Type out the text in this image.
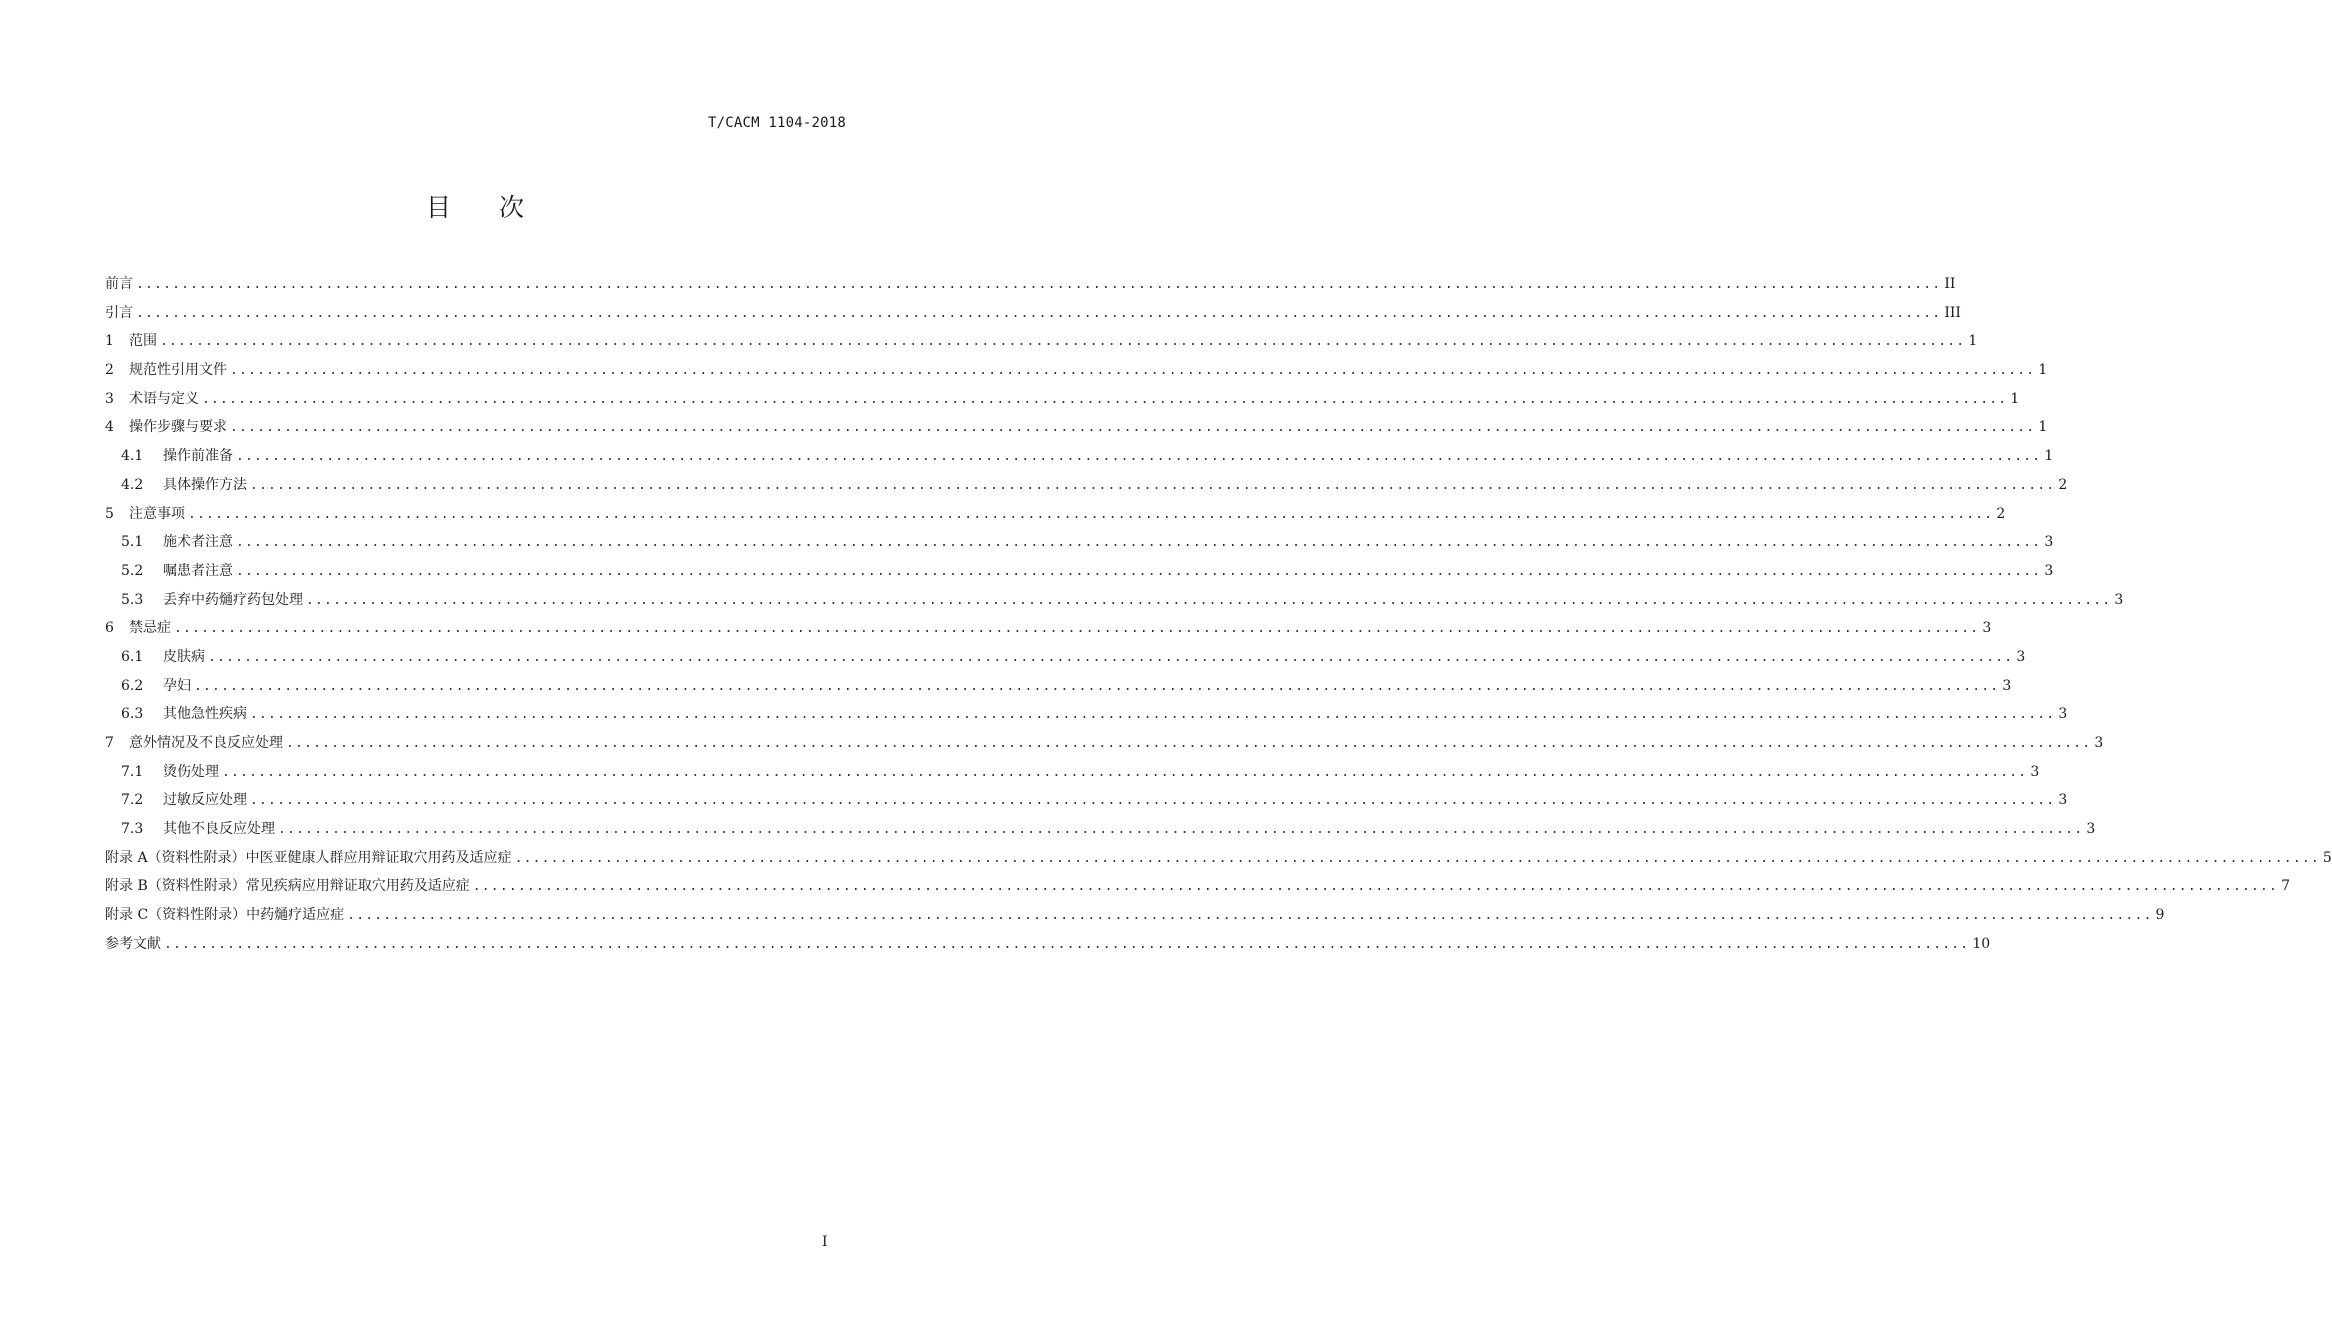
T/CACM 1104-2018
目 次
前言 ........................................................................................................................................................................................................ II
引言 ........................................................................................................................................................................................................ III
1	范围 ........................................................................................................................................................................................................ 1
2	规范性引用文件 ........................................................................................................................................................................................................ 1
3	术语与定义 ........................................................................................................................................................................................................ 1
4	操作步骤与要求 ........................................................................................................................................................................................................ 1
4.1	操作前准备 ........................................................................................................................................................................................................ 1
4.2	具体操作方法 ........................................................................................................................................................................................................ 2
5	注意事项 ........................................................................................................................................................................................................ 2
5.1	施术者注意 ........................................................................................................................................................................................................ 3
5.2	嘱患者注意 ........................................................................................................................................................................................................ 3
5.3	丢弃中药熥疗药包处理 ........................................................................................................................................................................................................ 3
6	禁忌症 ........................................................................................................................................................................................................ 3
6.1	皮肤病 ........................................................................................................................................................................................................ 3
6.2	孕妇 ........................................................................................................................................................................................................ 3
6.3	其他急性疾病 ........................................................................................................................................................................................................ 3
7	意外情况及不良反应处理 ........................................................................................................................................................................................................ 3
7.1	烫伤处理 ........................................................................................................................................................................................................ 3
7.2	过敏反应处理 ........................................................................................................................................................................................................ 3
7.3	其他不良反应处理 ........................................................................................................................................................................................................ 3
附录 A（资料性附录）中医亚健康人群应用辩证取穴用药及适应症 ........................................................................................................................................................................................................ 5
附录 B（资料性附录）常见疾病应用辩证取穴用药及适应症 ........................................................................................................................................................................................................ 7
附录 C（资料性附录）中药熥疗适应症 ........................................................................................................................................................................................................ 9
参考文献 ........................................................................................................................................................................................................ 10
I
